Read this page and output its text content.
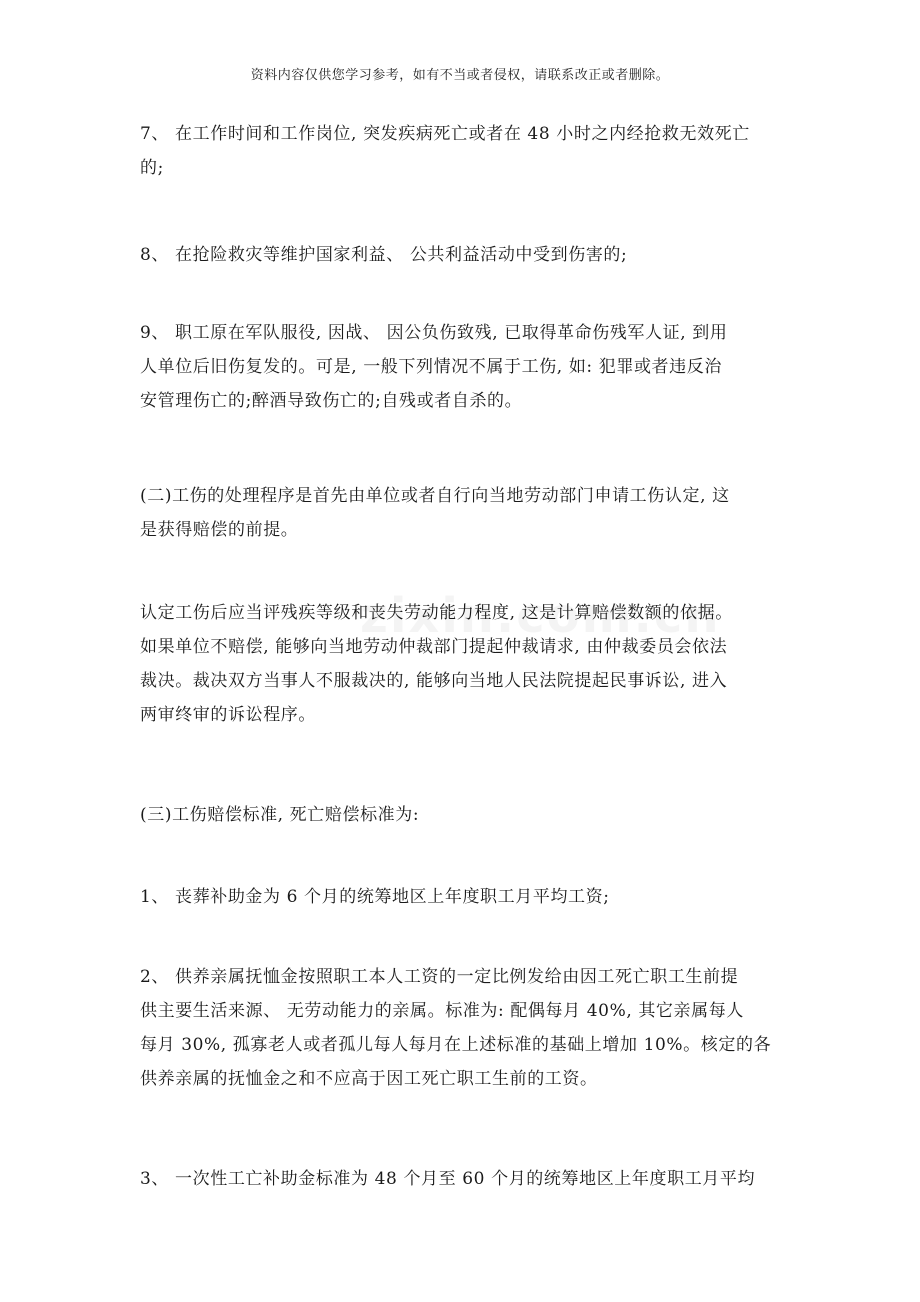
资料内容仅供您学习参考，如有不当或者侵权，请联系改正或者删除。

7、 在工作时间和工作岗位, 突发疾病死亡或者在 48 小时之内经抢救无效死亡
的;

8、 在抢险救灾等维护国家利益、 公共利益活动中受到伤害的;

9、 职工原在军队服役, 因战、 因公负伤致残, 已取得革命伤残军人证, 到用
人单位后旧伤复发的。可是, 一般下列情况不属于工伤, 如: 犯罪或者违反治
安管理伤亡的;醉酒导致伤亡的;自残或者自杀的。

(二)工伤的处理程序是首先由单位或者自行向当地劳动部门申请工伤认定, 这
是获得赔偿的前提。

认定工伤后应当评残疾等级和丧失劳动能力程度, 这是计算赔偿数额的依据。
如果单位不赔偿, 能够向当地劳动仲裁部门提起仲裁请求, 由仲裁委员会依法
裁决。裁决双方当事人不服裁决的, 能够向当地人民法院提起民事诉讼, 进入
两审终审的诉讼程序。

(三)工伤赔偿标准, 死亡赔偿标准为:

1、 丧葬补助金为 6 个月的统筹地区上年度职工月平均工资;

2、 供养亲属抚恤金按照职工本人工资的一定比例发给由因工死亡职工生前提
供主要生活来源、 无劳动能力的亲属。标准为: 配偶每月 40%, 其它亲属每人
每月 30%, 孤寡老人或者孤儿每人每月在上述标准的基础上增加 10%。核定的各
供养亲属的抚恤金之和不应高于因工死亡职工生前的工资。

3、 一次性工亡补助金标准为 48 个月至 60 个月的统筹地区上年度职工月平均
